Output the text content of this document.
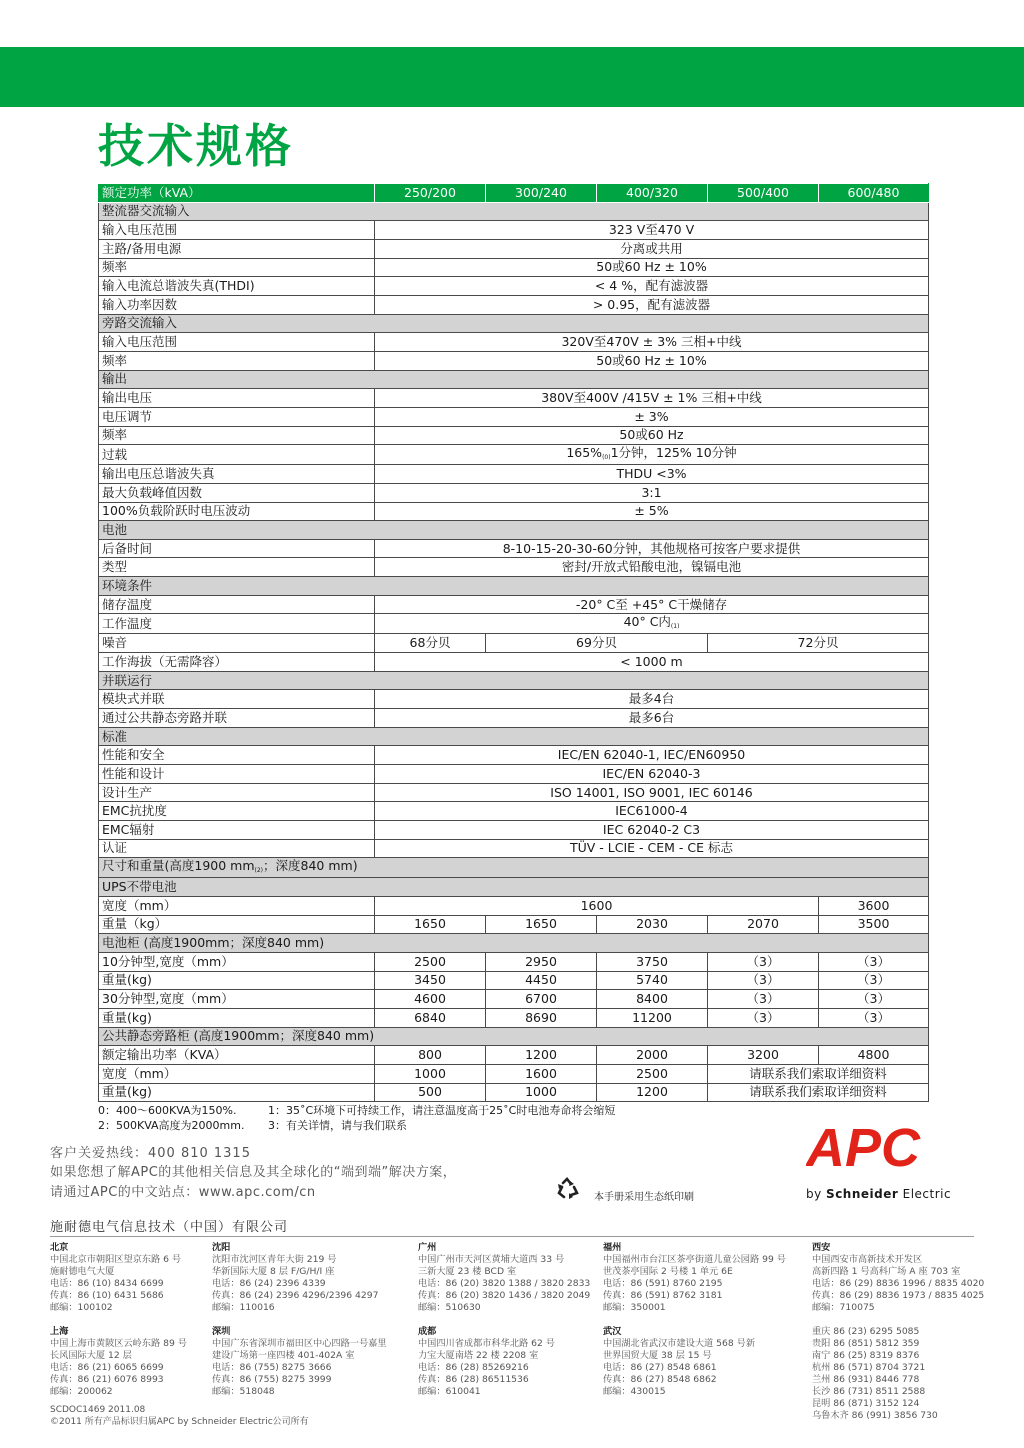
技术规格
额定功率（kVA）	250/200	300/240	400/320	500/400	600/480
整流器交流输入					
输入电压范围	323 V至470 V				
主路/备用电源	分离或共用				
频率	50或60 Hz ± 10%				
输入电流总谐波失真(THDI)	< 4 %，配有滤波器				
输入功率因数	> 0.95，配有滤波器				
旁路交流输入					
输入电压范围	320V至470V ± 3% 三相+中线				
频率	50或60 Hz ± 10%				
输出					
输出电压	380V至400V /415V ± 1% 三相+中线				
电压调节	± 3%				
频率	50或60 Hz				
过载	$165\%_{(0)}1$分钟，125% 10分钟				
输出电压总谐波失真	THDU <3%				
最大负载峰值因数	3:1				
100%负载阶跃时电压波动	± 5%				
电池					
后备时间	8-10-15-20-30-60分钟，其他规格可按客户要求提供				
类型	密封/开放式铅酸电池，镍镉电池				
环境条件					
储存温度	-20° C至 +45° C干燥储存				
工作温度	40° C内$_{(1)}$
噪音	68分贝	69分贝		72分贝	
工作海拔（无需降容）	< 1000 m				
并联运行					
模块式并联	最多4台				
通过公共静态旁路并联	最多6台				
标准					
性能和安全	IEC/EN 62040-1, IEC/EN60950				
性能和设计	IEC/EN 62040-3				
设计生产	ISO 14001, ISO 9001, IEC 60146				
EMC抗扰度	IEC61000-4				
EMC辐射	IEC 62040-2 C3				
认证	TÜV - LCIE - CEM - CE 标志				
尺寸和重量(高度1900 $mm_{(2)}$；深度840 mm)					
UPS不带电池					
宽度（mm）	1600				3600
重量（kg）	1650	1650	2030	2070	3500
电池柜 (高度1900mm；深度840 mm)					
10分钟型,宽度（mm）	2500	2950	3750	（3）	（3）
重量(kg)	3450	4450	5740	（3）	（3）
30分钟型,宽度（mm）	4600	6700	8400	（3）	（3）
重量(kg)	6840	8690	11200	（3）	（3）
公共静态旁路柜 (高度1900mm；深度840 mm)					
额定输出功率（KVA）	800	1200	2000	3200	4800
宽度（mm）	1000	1600	2500	请联系我们索取详细资料	
重量(kg)	500	1000	1200	请联系我们索取详细资料	
0：400～600KVA为150%.	1：35˚C环境下可持续工作，请注意温度高于25˚C时电池寿命将会缩短
2：500KVA高度为2000mm. 3：有关详情，请与我们联系
客户关爱热线：400 810 1315
如果您想了解APC的其他相关信息及其全球化的“端到端”解决方案，
请通过APC的中文站点：www.apc.com/cn	本手册采用生态纸印刷
APC
by Schneider Electric
施耐德电气信息技术（中国）有限公司
北京
中国北京市朝阳区望京东路 6 号
施耐德电气大厦
电话：86 (10) 8434 6699
传真：86 (10) 6431 5686
邮编：100102
沈阳
沈阳市沈河区青年大街 219 号
华新国际大厦 8 层 F/G/H/I 座
电话：86 (24) 2396 4339
传真：86 (24) 2396 4296/2396 4297
邮编：110016
广州
中国广州市天河区黄埔大道西 33 号
三新大厦 23 楼 BCD 室
电话：86 (20) 3820 1388 / 3820 2833
传真：86 (20) 3820 1436 / 3820 2049
邮编：510630
福州
中国福州市台江区茶亭街道儿童公园路 99 号
世茂茶亭国际 2 号楼 1 单元 6E
电话：86 (591) 8760 2195
传真：86 (591) 8762 3181
邮编：350001
西安
中国西安市高新技术开发区
高新四路 1 号高科广场 A 座 703 室
电话：86 (29) 8836 1996 / 8835 4020
传真：86 (29) 8836 1973 / 8835 4025
邮编：710075
上海
中国上海市黄陂区云岭东路 89 号
长风国际大厦 12 层
电话：86 (21) 6065 6699
传真：86 (21) 6076 8993
邮编：200062
深圳
中国广东省深圳市福田区中心四路一号嘉里
建设广场第一座四楼 401-402A 室
电话：86 (755) 8275 3666
传真：86 (755) 8275 3999
邮编：518048
成都
中国四川省成都市科华北路 62 号
力宝大厦南塔 22 楼 2208 室
电话：86 (28) 85269216
传真：86 (28) 86511536
邮编：610041
武汉
中国湖北省武汉市建设大道 568 号新
世界国贸大厦 38 层 15 号
电话：86 (27) 8548 6861
传真：86 (27) 8548 6862
邮编：430015
重庆 86 (23) 6295 5085
贵阳 86 (851) 5812 359
南宁 86 (25) 8319 8376
杭州 86 (571) 8704 3721
兰州 86 (931) 8446 778
长沙 86 (731) 8511 2588
昆明 86 (871) 3152 124
乌鲁木齐 86 (991) 3856 730
SCDOC1469 2011.08
©2011 所有产品标识归属APC by Schneider Electric公司所有
